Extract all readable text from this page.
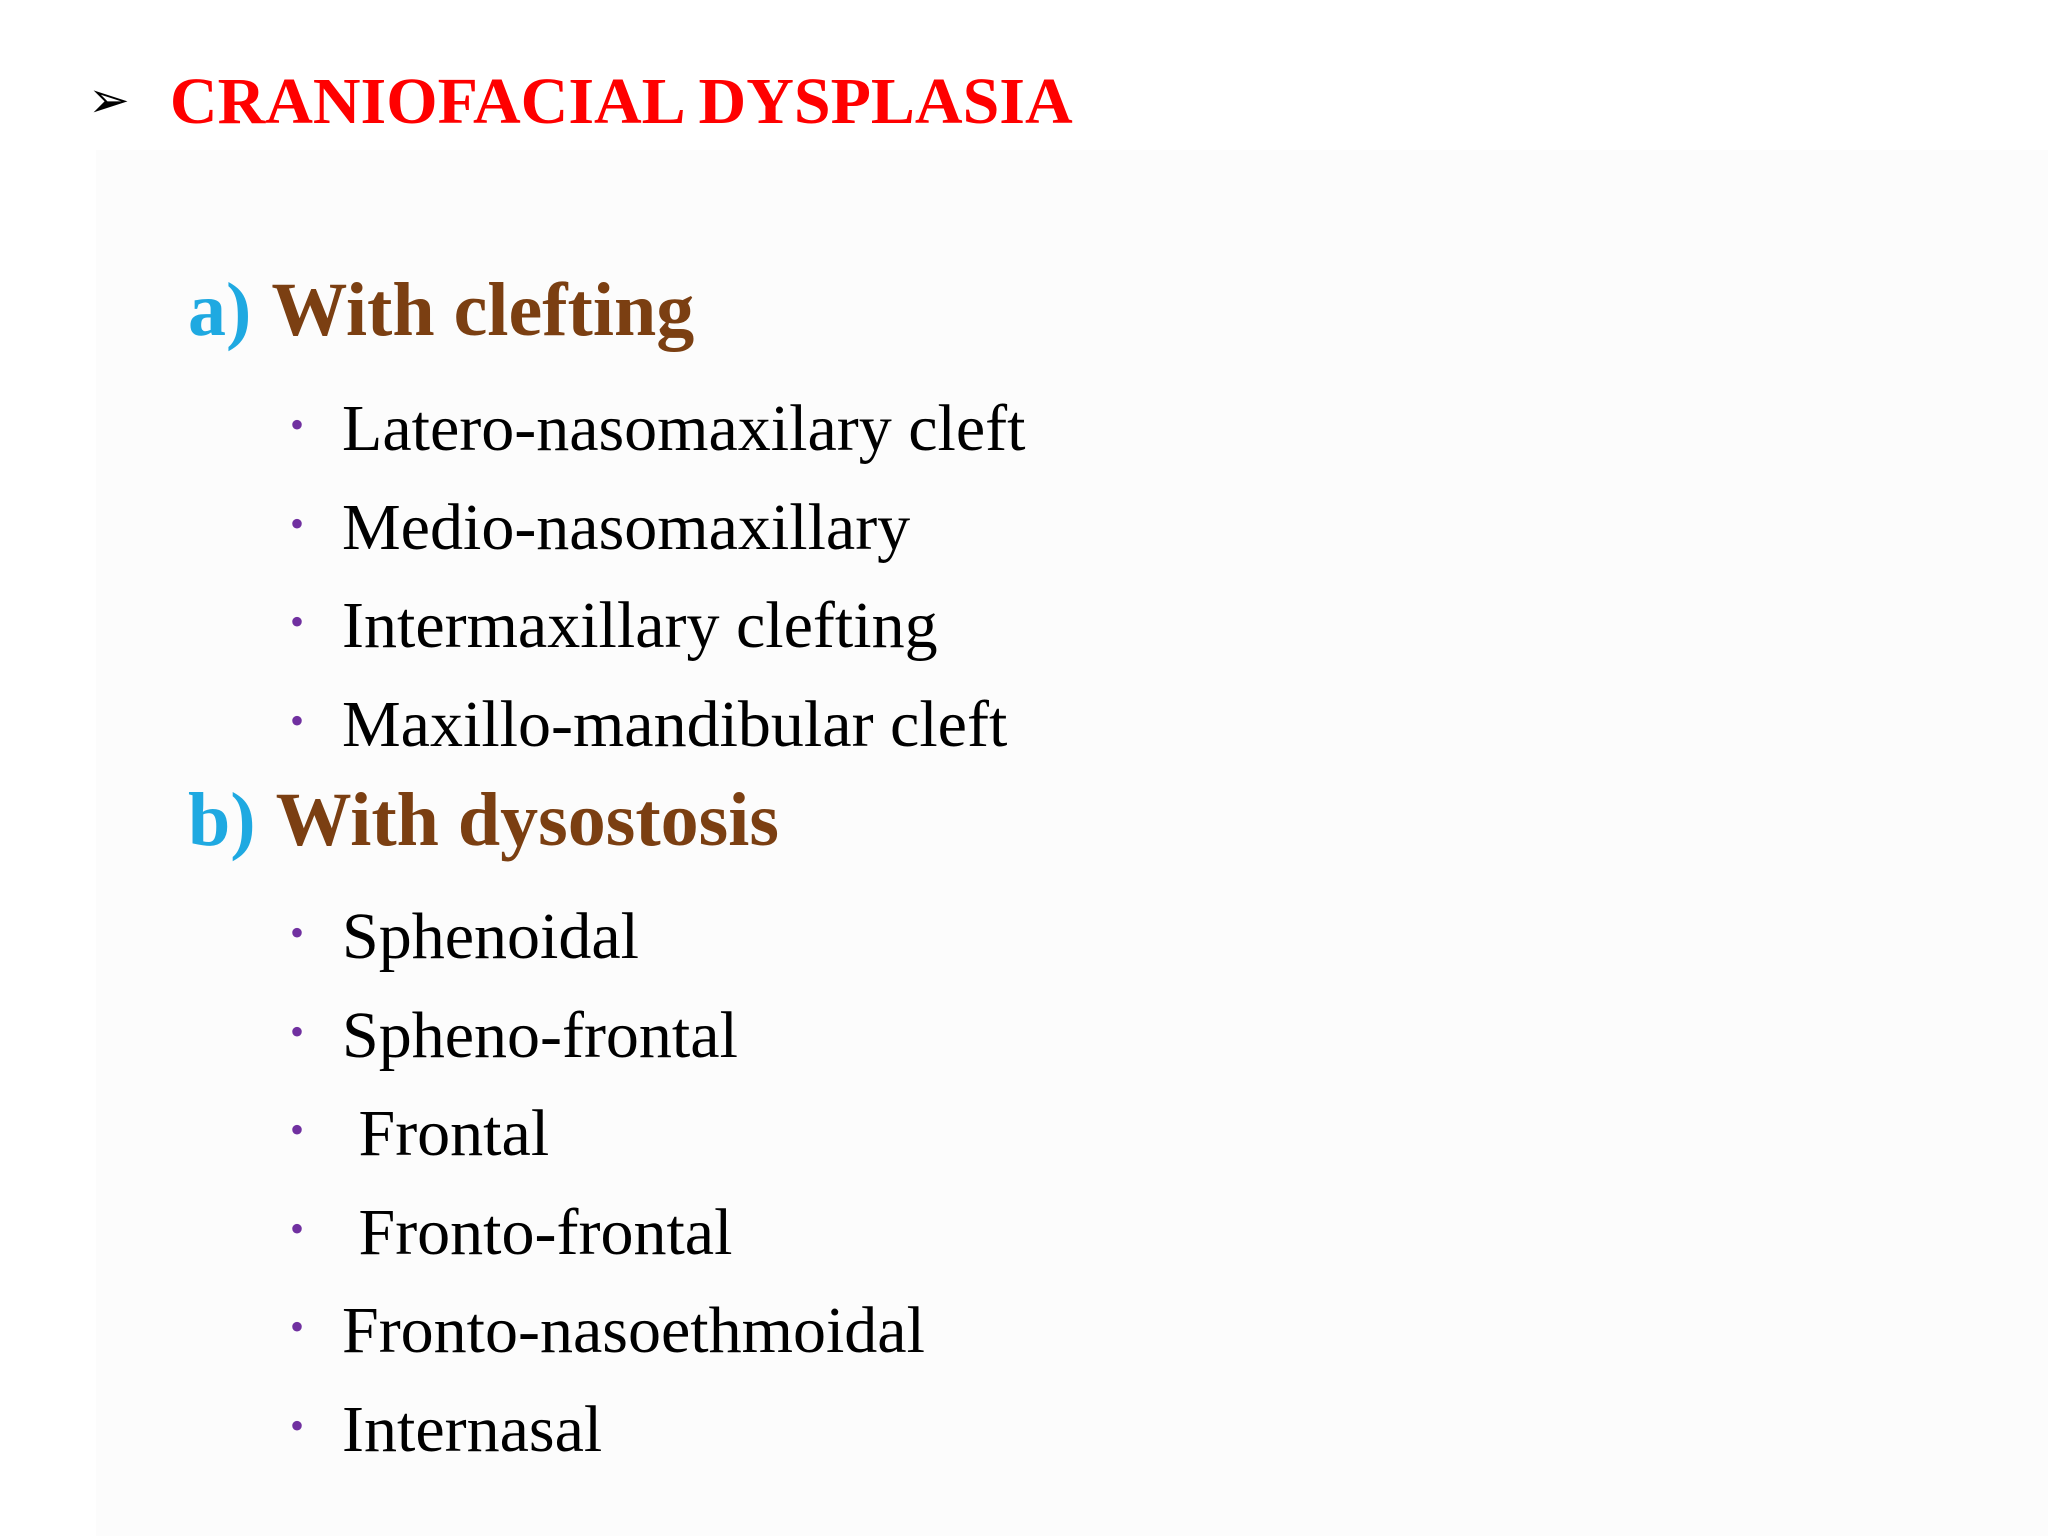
➢ CRANIOFACIAL DYSPLASIA
a) With clefting
• Latero-nasomaxilary cleft
• Medio-nasomaxillary
• Intermaxillary clefting
• Maxillo-mandibular cleft
b) With dysostosis
• Sphenoidal
• Spheno-frontal
• Frontal
• Fronto-frontal
• Fronto-nasoethmoidal
• Internasal
